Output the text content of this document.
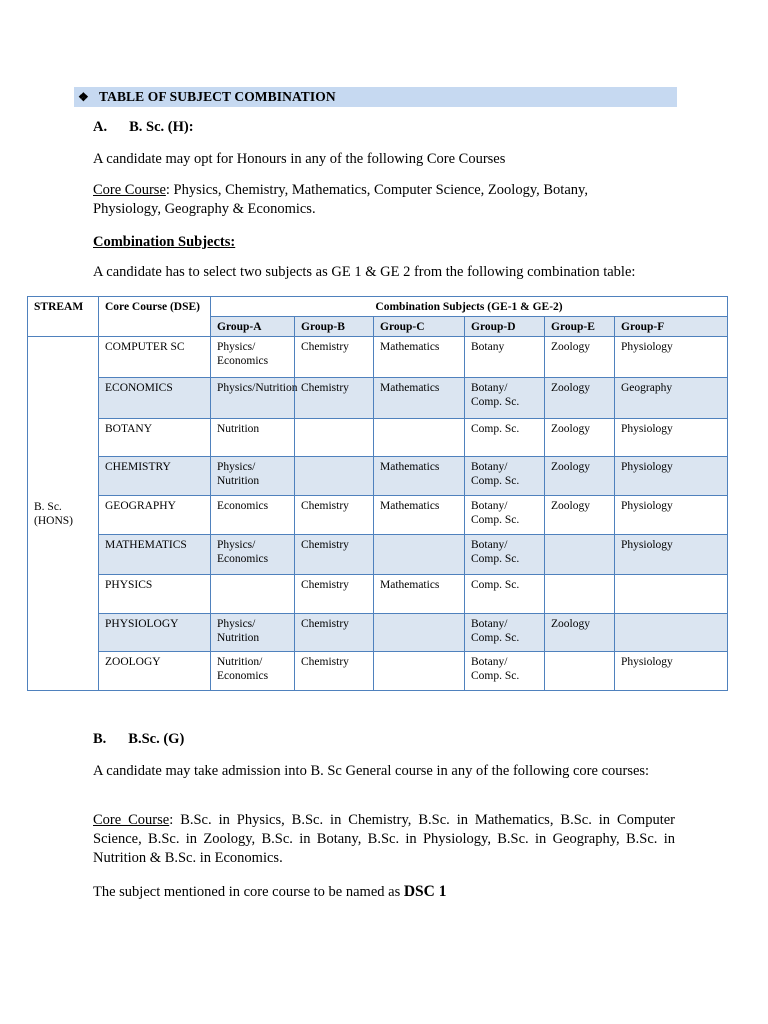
❖ TABLE OF SUBJECT COMBINATION
A. B. Sc. (H):
A candidate may opt for Honours in any of the following Core Courses
Core Course: Physics, Chemistry, Mathematics, Computer Science, Zoology, Botany,
Physiology, Geography & Economics.
Combination Subjects:
A candidate has to select two subjects as GE 1 & GE 2 from the following combination table:
STREAM	Core Course (DSE)	Combination Subjects (GE-1 & GE-2)					
		Group-A	Group-B	Group-C	Group-D	Group-E	Group-F
B. Sc. (HONS)	COMPUTER SC	Physics/ Economics	Chemistry	Mathematics	Botany	Zoology	Physiology
	ECONOMICS	Physics/Nutrition	Chemistry	Mathematics	Botany/ Comp. Sc.	Zoology	Geography
	BOTANY	Nutrition			Comp. Sc.	Zoology	Physiology
	CHEMISTRY	Physics/ Nutrition		Mathematics	Botany/ Comp. Sc.	Zoology	Physiology
	GEOGRAPHY	Economics	Chemistry	Mathematics	Botany/ Comp. Sc.	Zoology	Physiology
	MATHEMATICS	Physics/ Economics	Chemistry		Botany/ Comp. Sc.		Physiology
	PHYSICS		Chemistry	Mathematics	Comp. Sc.		
	PHYSIOLOGY	Physics/ Nutrition	Chemistry		Botany/ Comp. Sc.	Zoology	
	ZOOLOGY	Nutrition/ Economics	Chemistry		Botany/ Comp. Sc.		Physiology
B. B.Sc. (G)
A candidate may take admission into B. Sc General course in any of the following core courses:
Core Course: B.Sc. in Physics, B.Sc. in Chemistry, B.Sc. in Mathematics, B.Sc. in Computer Science, B.Sc. in Zoology, B.Sc. in Botany, B.Sc. in Physiology, B.Sc. in Geography, B.Sc. in Nutrition & B.Sc. in Economics.
The subject mentioned in core course to be named as DSC 1
